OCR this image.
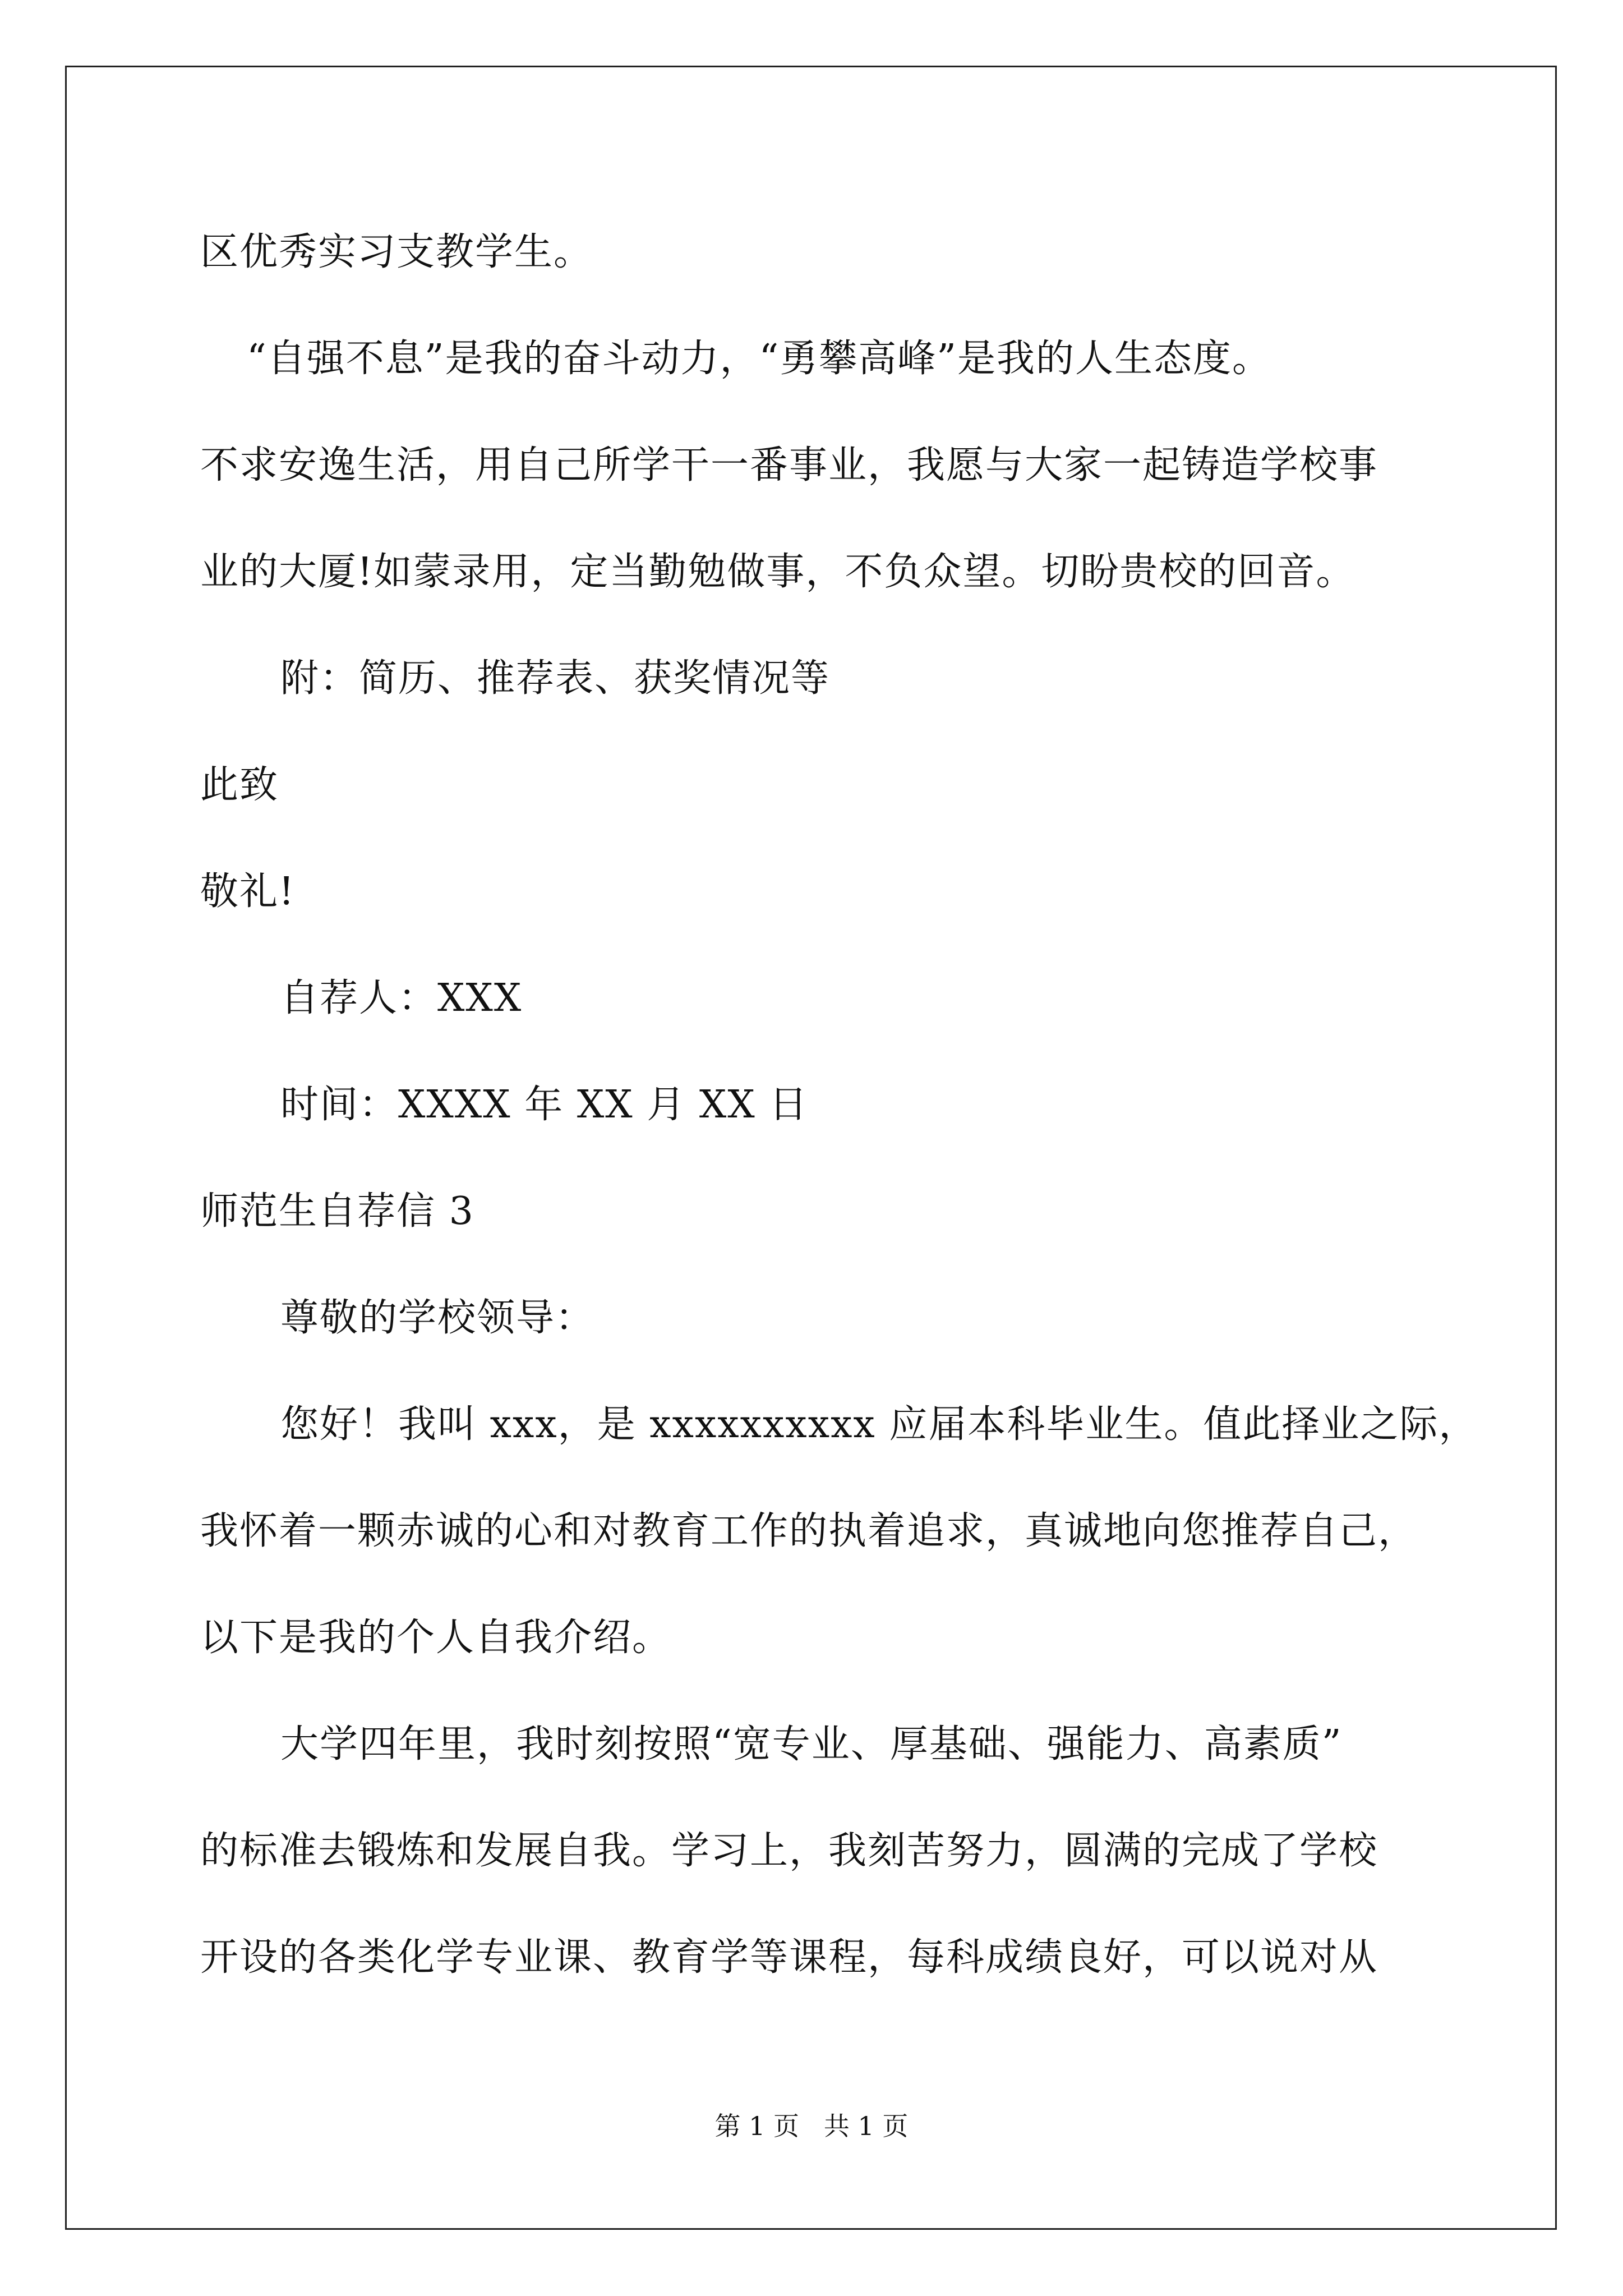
区优秀实习支教学生。
“自强不息”是我的奋斗动力，“勇攀高峰”是我的人生态度。
不求安逸生活，用自己所学干一番事业，我愿与大家一起铸造学校事
业的大厦!如蒙录用，定当勤勉做事，不负众望。切盼贵校的回音。
附：简历、推荐表、获奖情况等
此致
敬礼!
自荐人：XXX
时间：XXXX 年 XX 月 XX 日
师范生自荐信 3
尊敬的学校领导：
您好！我叫 xxx，是 xxxxxxxxxx 应届本科毕业生。值此择业之际，
我怀着一颗赤诚的心和对教育工作的执着追求，真诚地向您推荐自己，
以下是我的个人自我介绍。
大学四年里，我时刻按照“宽专业、厚基础、强能力、高素质”
的标准去锻炼和发展自我。学习上，我刻苦努力，圆满的完成了学校
开设的各类化学专业课、教育学等课程，每科成绩良好，可以说对从
第 1 页   共 1 页
